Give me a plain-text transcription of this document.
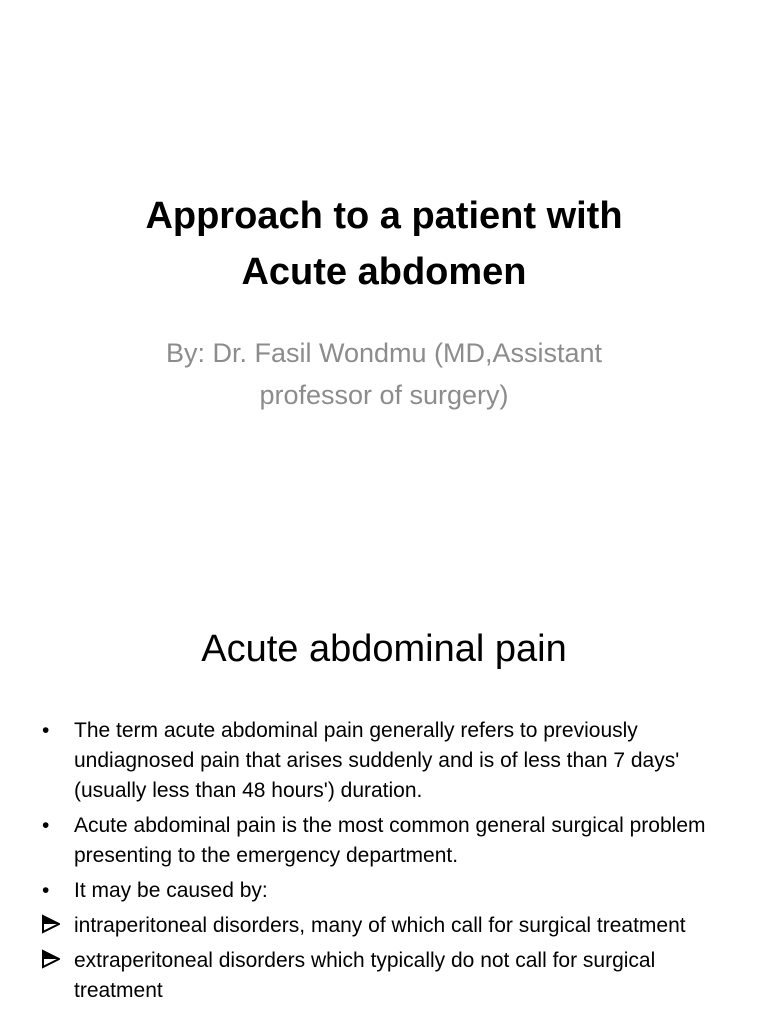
Approach to a patient with
Acute abdomen
By: Dr. Fasil Wondmu (MD,Assistant
professor of surgery)
Acute abdominal pain
•
The term acute abdominal pain generally refers to previously undiagnosed pain that arises suddenly and is of less than 7 days' (usually less than 48 hours') duration.
•
Acute abdominal pain is the most common general surgical problem presenting to the emergency department.
•
It may be caused by:
intraperitoneal disorders, many of which call for surgical treatment
extraperitoneal disorders which typically do not call for surgical treatment
